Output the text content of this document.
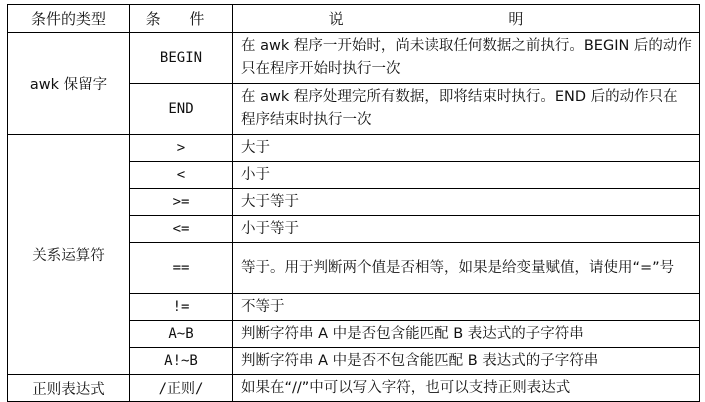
条件的类型	条 件	说 明
awk 保留字	BEGIN	在 awk 程序一开始时，尚未读取任何数据之前执行。BEGIN 后的动作只在程序开始时执行一次
	END	在 awk 程序处理完所有数据，即将结束时执行。END 后的动作只在程序结束时执行一次
关系运算符	>	大于
	<	小于
	>=	大于等于
	<=	小于等于
	==	等于。用于判断两个值是否相等，如果是给变量赋值，请使用“=”号
	!=	不等于
	A~B	判断字符串 A 中是否包含能匹配 B 表达式的子字符串
	A!~B	判断字符串 A 中是否不包含能匹配 B 表达式的子字符串
正则表达式	/正则/	如果在“//”中可以写入字符，也可以支持正则表达式
